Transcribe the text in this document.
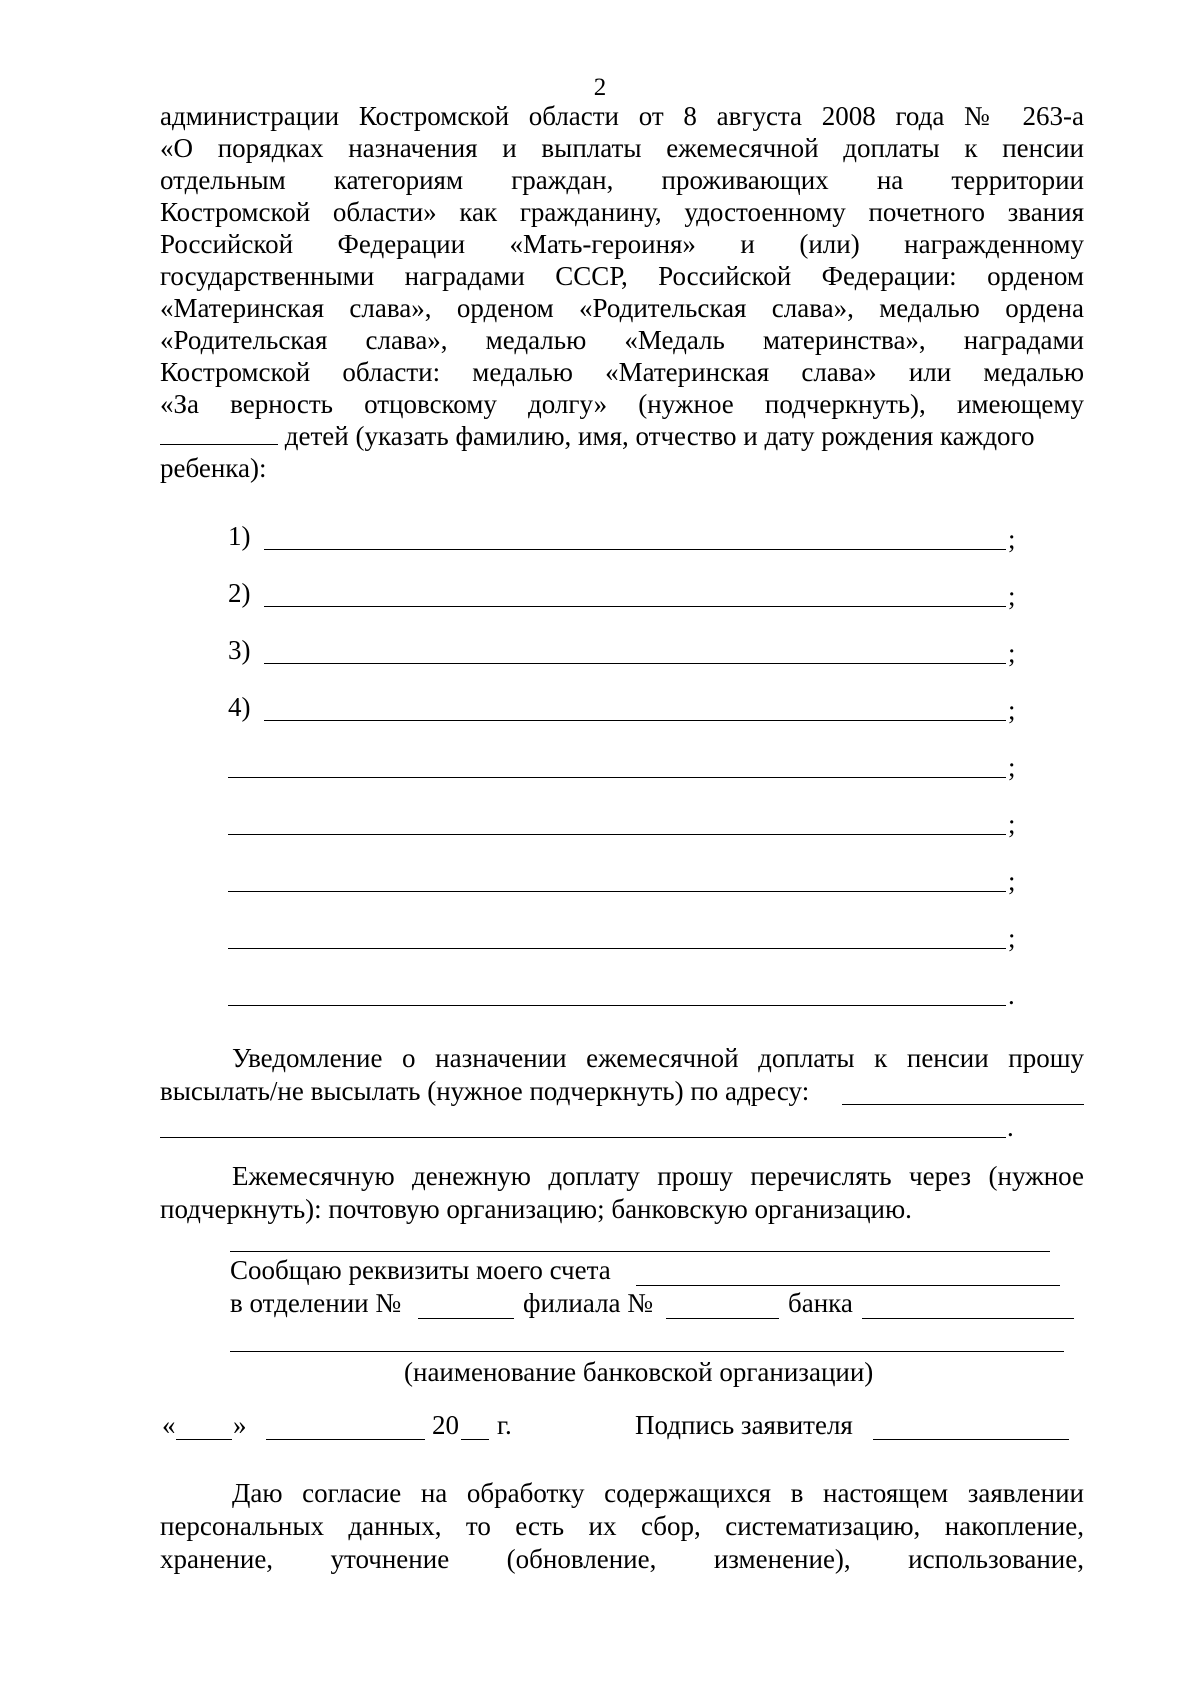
2
администрации Костромской области от 8 августа 2008 года № 263-а
«О порядках назначения и выплаты ежемесячной доплаты к пенсии
отдельным категориям граждан, проживающих на территории
Костромской области» как гражданину, удостоенному почетного звания
Российской Федерации «Мать-героиня» и (или) награжденному
государственными наградами СССР, Российской Федерации: орденом
«Материнская слава», орденом «Родительская слава», медалью ордена
«Родительская слава», медалью «Медаль материнства», наградами
Костромской области: медалью «Материнская слава» или медалью
«За верность отцовскому долгу» (нужное подчеркнуть), имеющему
детей (указать фамилию, имя, отчество и дату рождения каждого
ребенка):
1)	;
2)	;
3)	;
4)	;
;
;
;
;
.
Уведомление о назначении ежемесячной доплаты к пенсии прошу
высылать/не высылать (нужное подчеркнуть) по адресу:
.
Ежемесячную денежную доплату прошу перечислять через (нужное
подчеркнуть): почтовую организацию; банковскую организацию.
Сообщаю реквизиты моего счета
в отделении №	филиала №	банка
(наименование банковской организации)
« »	20 г.	Подпись заявителя
Даю согласие на обработку содержащихся в настоящем заявлении
персональных данных, то есть их сбор, систематизацию, накопление,
хранение, уточнение (обновление, изменение), использование,
